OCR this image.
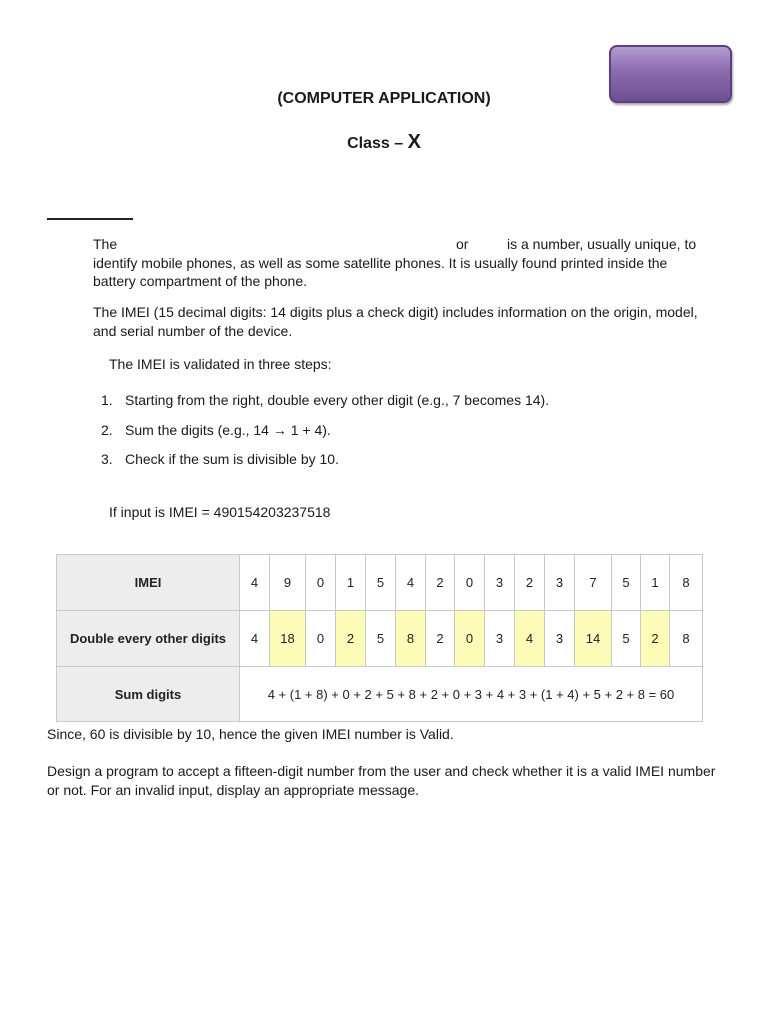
(COMPUTER APPLICATION)
Class – X
The	or	is a number, usually unique, to
identify mobile phones, as well as some satellite phones. It is usually found printed inside the battery compartment of the phone.
The IMEI (15 decimal digits: 14 digits plus a check digit) includes information on the origin, model, and serial number of the device.
The IMEI is validated in three steps:
1. Starting from the right, double every other digit (e.g., 7 becomes 14).
2. Sum the digits (e.g., 14 → 1 + 4).
3. Check if the sum is divisible by 10.
If input is IMEI = 490154203237518
IMEI	4	9	0	1	5	4	2	0	3	2	3	7	5	1	8
Double every other digits	4	18	0	2	5	8	2	0	3	4	3	14	5	2	8
Sum digits	4 + (1 + 8) + 0 + 2 + 5 + 8 + 2 + 0 + 3 + 4 + 3 + (1 + 4) + 5 + 2 + 8 = 60														
Since, 60 is divisible by 10, hence the given IMEI number is Valid.
Design a program to accept a fifteen-digit number from the user and check whether it is a valid IMEI number or not. For an invalid input, display an appropriate message.
